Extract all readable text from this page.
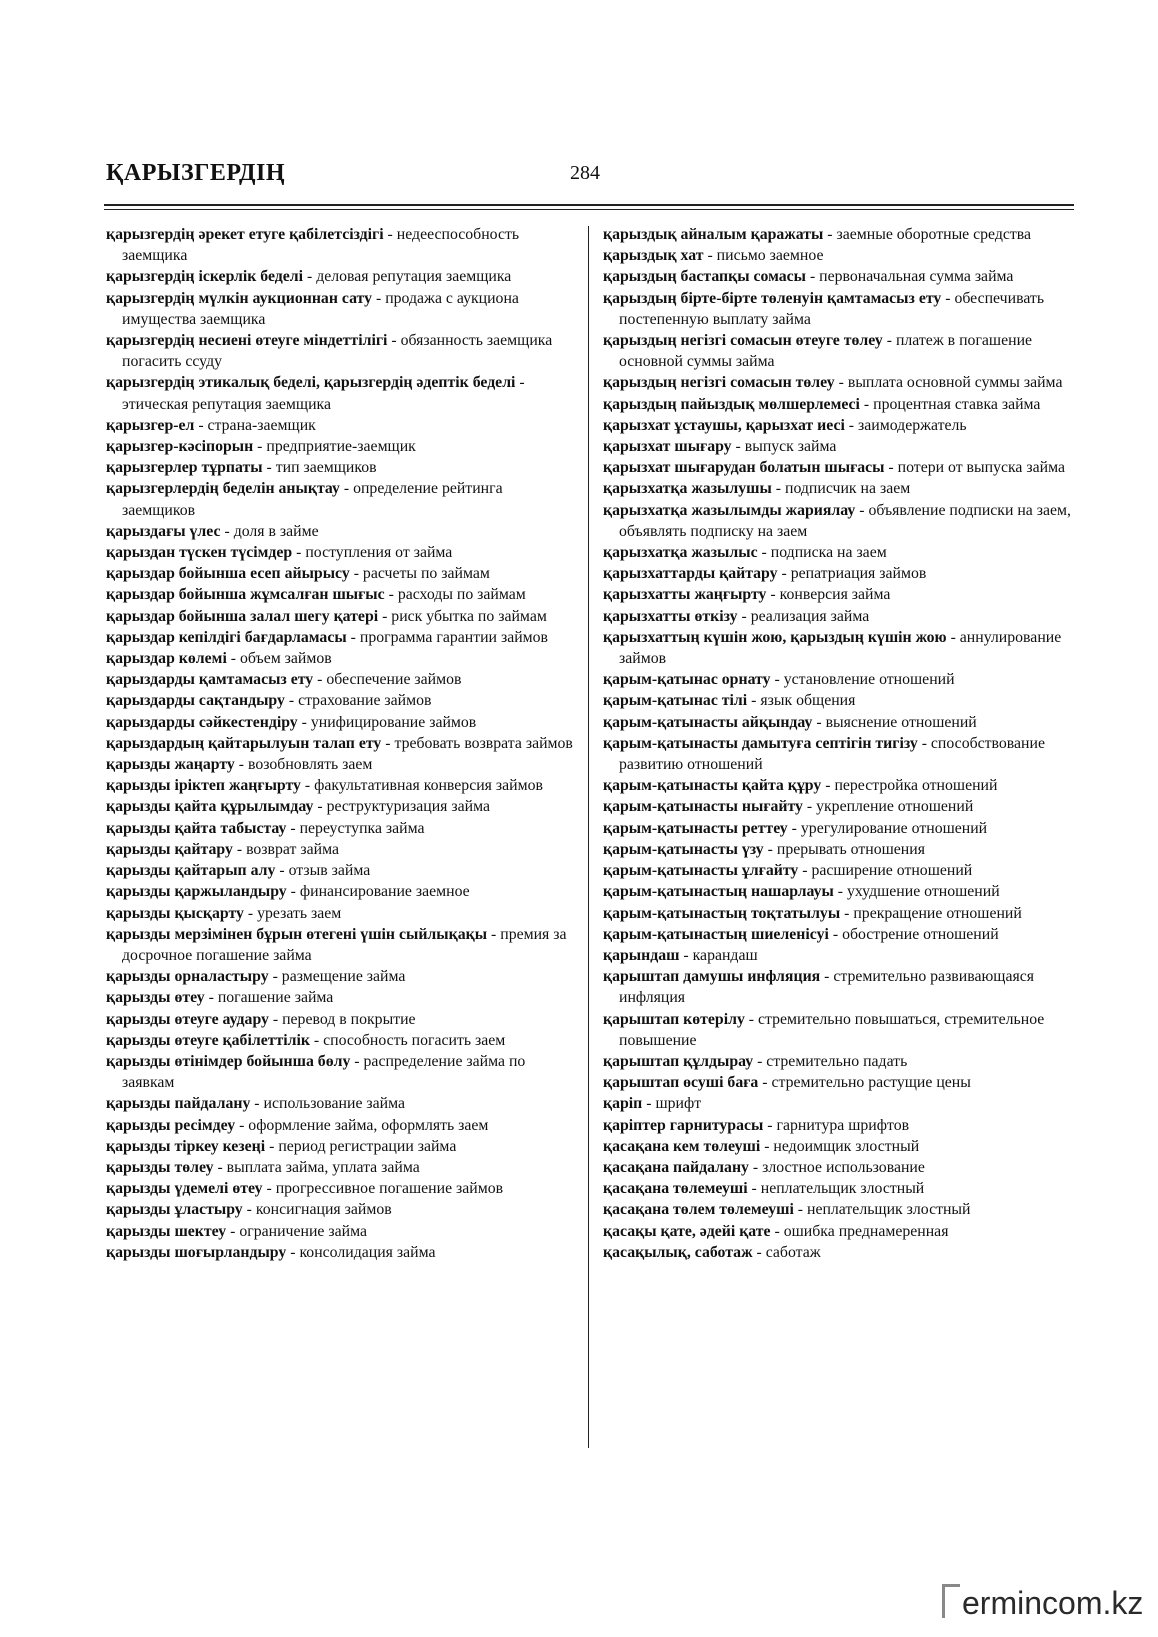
ҚАРЫЗГЕРДІҢ	284
қарызгердің әрекет етуге қабілетсіздігі - недееспособность заемщика
қарызгердің іскерлік беделі - деловая репутация заемщика
қарызгердің мүлкін аукционнан сату - продажа с аукциона имущества заемщика
қарызгердің несиені өтеуге міндеттілігі - обязанность заемщика погасить ссуду
қарызгердің этикалық беделі, қарызгердің әдептік беделі - этическая репутация заемщика
қарызгер-ел - страна-заемщик
қарызгер-кәсіпорын - предприятие-заемщик
қарызгерлер тұрпаты - тип заемщиков
қарызгерлердің беделін анықтау - определение рейтинга заемщиков
қарыздағы үлес - доля в займе
қарыздан түскен түсімдер - поступления от займа
қарыздар бойынша есеп айырысу - расчеты по займам
қарыздар бойынша жұмсалған шығыс - расходы по займам
қарыздар бойынша залал шегу қатері - риск убытка по займам
қарыздар кепілдігі бағдарламасы - программа гарантии займов
қарыздар көлемі - объем займов
қарыздарды қамтамасыз ету - обеспечение займов
қарыздарды сақтандыру - страхование займов
қарыздарды сәйкестендіру - унифицирование займов
қарыздардың қайтарылуын талап ету - требовать возврата займов
қарызды жаңарту - возобновлять заем
қарызды іріктеп жаңғырту - факультативная конверсия займов
қарызды қайта құрылымдау - реструктуризация займа
қарызды қайта табыстау - переуступка займа
қарызды қайтару - возврат займа
қарызды қайтарып алу - отзыв займа
қарызды қаржыландыру - финансирование заемное
қарызды қысқарту - урезать заем
қарызды мерзімінен бұрын өтегені үшін сыйлықақы - премия за досрочное погашение займа
қарызды орналастыру - размещение займа
қарызды өтеу - погашение займа
қарызды өтеуге аудару - перевод в покрытие
қарызды өтеуге қабілеттілік - способность погасить заем
қарызды өтінімдер бойынша бөлу - распределение займа по заявкам
қарызды пайдалану - использование займа
қарызды ресімдеу - оформление займа, оформлять заем
қарызды тіркеу кезеңі - период регистрации займа
қарызды төлеу - выплата займа, уплата займа
қарызды үдемелі өтеу - прогрессивное погашение займов
қарызды ұластыру - консигнация займов
қарызды шектеу - ограничение займа
қарызды шоғырландыру - консолидация займа
қарыздық айналым қаражаты - заемные оборотные средства
қарыздық хат - письмо заемное
қарыздың бастапқы сомасы - первоначальная сумма займа
қарыздың бірте-бірте төленуін қамтамасыз ету - обеспечивать постепенную выплату займа
қарыздың негізгі сомасын өтеуге төлеу - платеж в погашение основной суммы займа
қарыздың негізгі сомасын төлеу - выплата основной суммы займа
қарыздың пайыздық мөлшерлемесі - процентная ставка займа
қарызхат ұстаушы, қарызхат иесі - заимодержатель
қарызхат шығару - выпуск займа
қарызхат шығарудан болатын шығасы - потери от выпуска займа
қарызхатқа жазылушы - подписчик на заем
қарызхатқа жазылымды жариялау - объявление подписки на заем, объявлять подписку на заем
қарызхатқа жазылыс - подписка на заем
қарызхаттарды қайтару - репатриация займов
қарызхатты жаңғырту - конверсия займа
қарызхатты өткізу - реализация займа
қарызхаттың күшін жою, қарыздың күшін жою - аннулирование займов
қарым-қатынас орнату - установление отношений
қарым-қатынас тілі - язык общения
қарым-қатынасты айқындау - выяснение отношений
қарым-қатынасты дамытуға септігін тигізу - способствование развитию отношений
қарым-қатынасты қайта құру - перестройка отношений
қарым-қатынасты нығайту - укрепление отношений
қарым-қатынасты реттеу - урегулирование отношений
қарым-қатынасты үзу - прерывать отношения
қарым-қатынасты ұлғайту - расширение отношений
қарым-қатынастың нашарлауы - ухудшение отношений
қарым-қатынастың тоқтатылуы - прекращение отношений
қарым-қатынастың шиеленісуі - обострение отношений
қарындаш - карандаш
қарыштап дамушы инфляция - стремительно развивающаяся инфляция
қарыштап көтерілу - стремительно повышаться, стремительное повышение
қарыштап құлдырау - стремительно падать
қарыштап өсуші баға - стремительно растущие цены
қаріп - шрифт
қаріптер гарнитурасы - гарнитура шрифтов
қасақана кем төлеуші - недоимщик злостный
қасақана пайдалану - злостное использование
қасақана төлемеуші - неплательщик злостный
қасақана төлем төлемеуші - неплательщик злостный
қасақы қате, әдейі қате - ошибка преднамеренная
қасақылық, саботаж - саботаж
ermincom.kz
